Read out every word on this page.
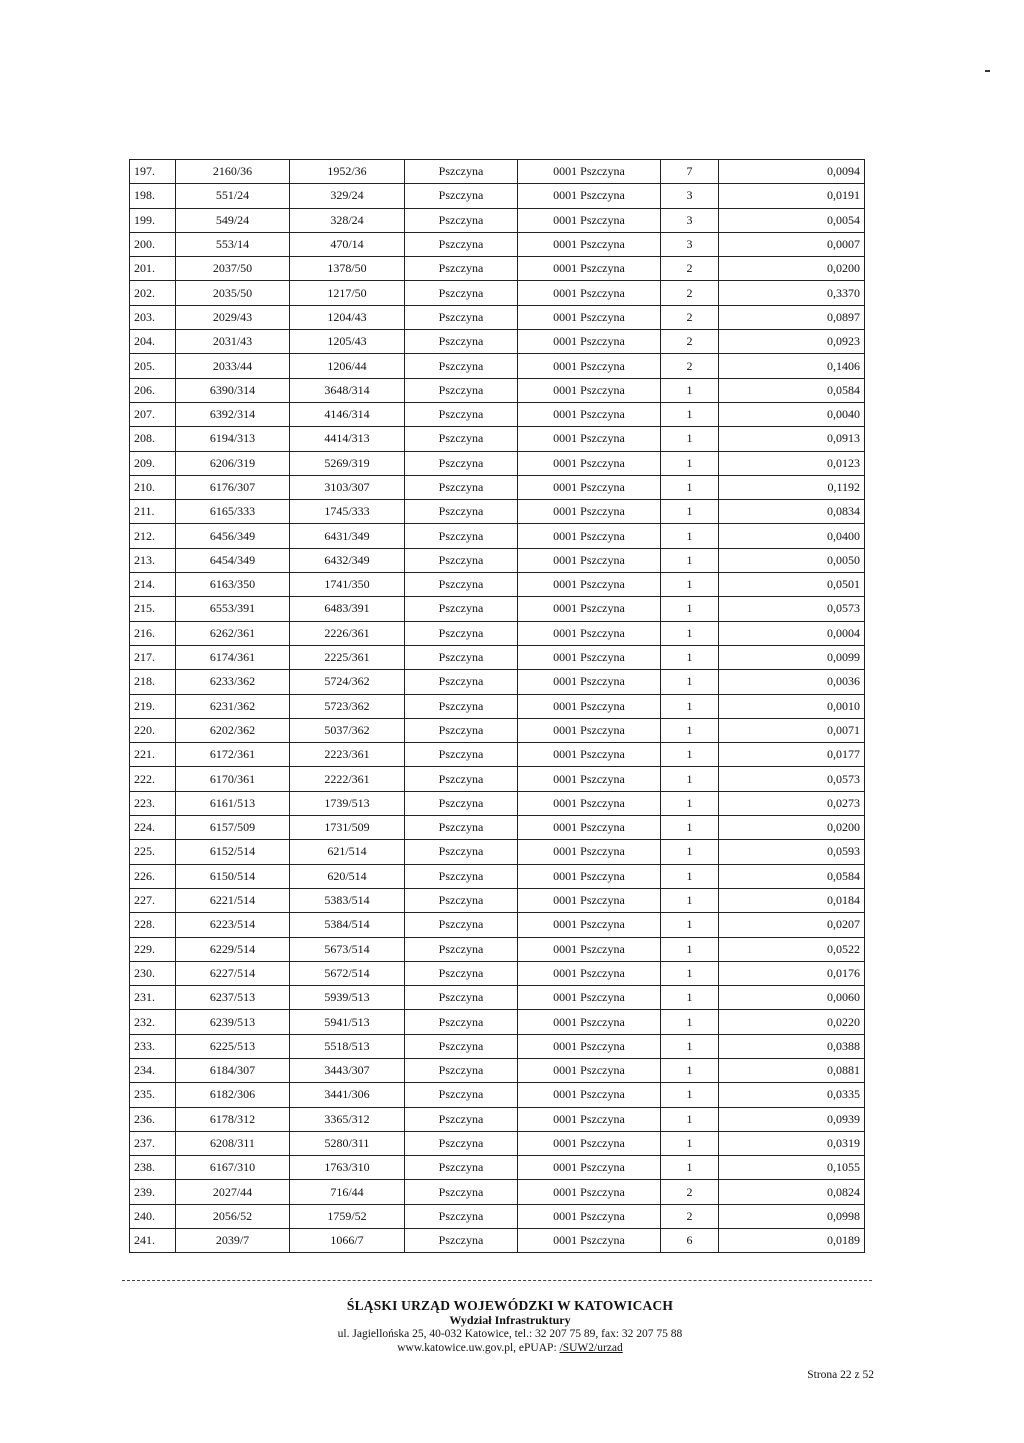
197.	2160/36	1952/36	Pszczyna	0001 Pszczyna	7	0,0094
198.	551/24	329/24	Pszczyna	0001 Pszczyna	3	0,0191
199.	549/24	328/24	Pszczyna	0001 Pszczyna	3	0,0054
200.	553/14	470/14	Pszczyna	0001 Pszczyna	3	0,0007
201.	2037/50	1378/50	Pszczyna	0001 Pszczyna	2	0,0200
202.	2035/50	1217/50	Pszczyna	0001 Pszczyna	2	0,3370
203.	2029/43	1204/43	Pszczyna	0001 Pszczyna	2	0,0897
204.	2031/43	1205/43	Pszczyna	0001 Pszczyna	2	0,0923
205.	2033/44	1206/44	Pszczyna	0001 Pszczyna	2	0,1406
206.	6390/314	3648/314	Pszczyna	0001 Pszczyna	1	0,0584
207.	6392/314	4146/314	Pszczyna	0001 Pszczyna	1	0,0040
208.	6194/313	4414/313	Pszczyna	0001 Pszczyna	1	0,0913
209.	6206/319	5269/319	Pszczyna	0001 Pszczyna	1	0,0123
210.	6176/307	3103/307	Pszczyna	0001 Pszczyna	1	0,1192
211.	6165/333	1745/333	Pszczyna	0001 Pszczyna	1	0,0834
212.	6456/349	6431/349	Pszczyna	0001 Pszczyna	1	0,0400
213.	6454/349	6432/349	Pszczyna	0001 Pszczyna	1	0,0050
214.	6163/350	1741/350	Pszczyna	0001 Pszczyna	1	0,0501
215.	6553/391	6483/391	Pszczyna	0001 Pszczyna	1	0,0573
216.	6262/361	2226/361	Pszczyna	0001 Pszczyna	1	0,0004
217.	6174/361	2225/361	Pszczyna	0001 Pszczyna	1	0,0099
218.	6233/362	5724/362	Pszczyna	0001 Pszczyna	1	0,0036
219.	6231/362	5723/362	Pszczyna	0001 Pszczyna	1	0,0010
220.	6202/362	5037/362	Pszczyna	0001 Pszczyna	1	0,0071
221.	6172/361	2223/361	Pszczyna	0001 Pszczyna	1	0,0177
222.	6170/361	2222/361	Pszczyna	0001 Pszczyna	1	0,0573
223.	6161/513	1739/513	Pszczyna	0001 Pszczyna	1	0,0273
224.	6157/509	1731/509	Pszczyna	0001 Pszczyna	1	0,0200
225.	6152/514	621/514	Pszczyna	0001 Pszczyna	1	0,0593
226.	6150/514	620/514	Pszczyna	0001 Pszczyna	1	0,0584
227.	6221/514	5383/514	Pszczyna	0001 Pszczyna	1	0,0184
228.	6223/514	5384/514	Pszczyna	0001 Pszczyna	1	0,0207
229.	6229/514	5673/514	Pszczyna	0001 Pszczyna	1	0,0522
230.	6227/514	5672/514	Pszczyna	0001 Pszczyna	1	0,0176
231.	6237/513	5939/513	Pszczyna	0001 Pszczyna	1	0,0060
232.	6239/513	5941/513	Pszczyna	0001 Pszczyna	1	0,0220
233.	6225/513	5518/513	Pszczyna	0001 Pszczyna	1	0,0388
234.	6184/307	3443/307	Pszczyna	0001 Pszczyna	1	0,0881
235.	6182/306	3441/306	Pszczyna	0001 Pszczyna	1	0,0335
236.	6178/312	3365/312	Pszczyna	0001 Pszczyna	1	0,0939
237.	6208/311	5280/311	Pszczyna	0001 Pszczyna	1	0,0319
238.	6167/310	1763/310	Pszczyna	0001 Pszczyna	1	0,1055
239.	2027/44	716/44	Pszczyna	0001 Pszczyna	2	0,0824
240.	2056/52	1759/52	Pszczyna	0001 Pszczyna	2	0,0998
241.	2039/7	1066/7	Pszczyna	0001 Pszczyna	6	0,0189
ŚLĄSKI URZĄD WOJEWÓDZKI W KATOWICACH
Wydział Infrastruktury
ul. Jagiellońska 25, 40-032 Katowice, tel.: 32 207 75 89, fax: 32 207 75 88
www.katowice.uw.gov.pl, ePUAP: /SUW2/urzad
Strona 22 z 52
